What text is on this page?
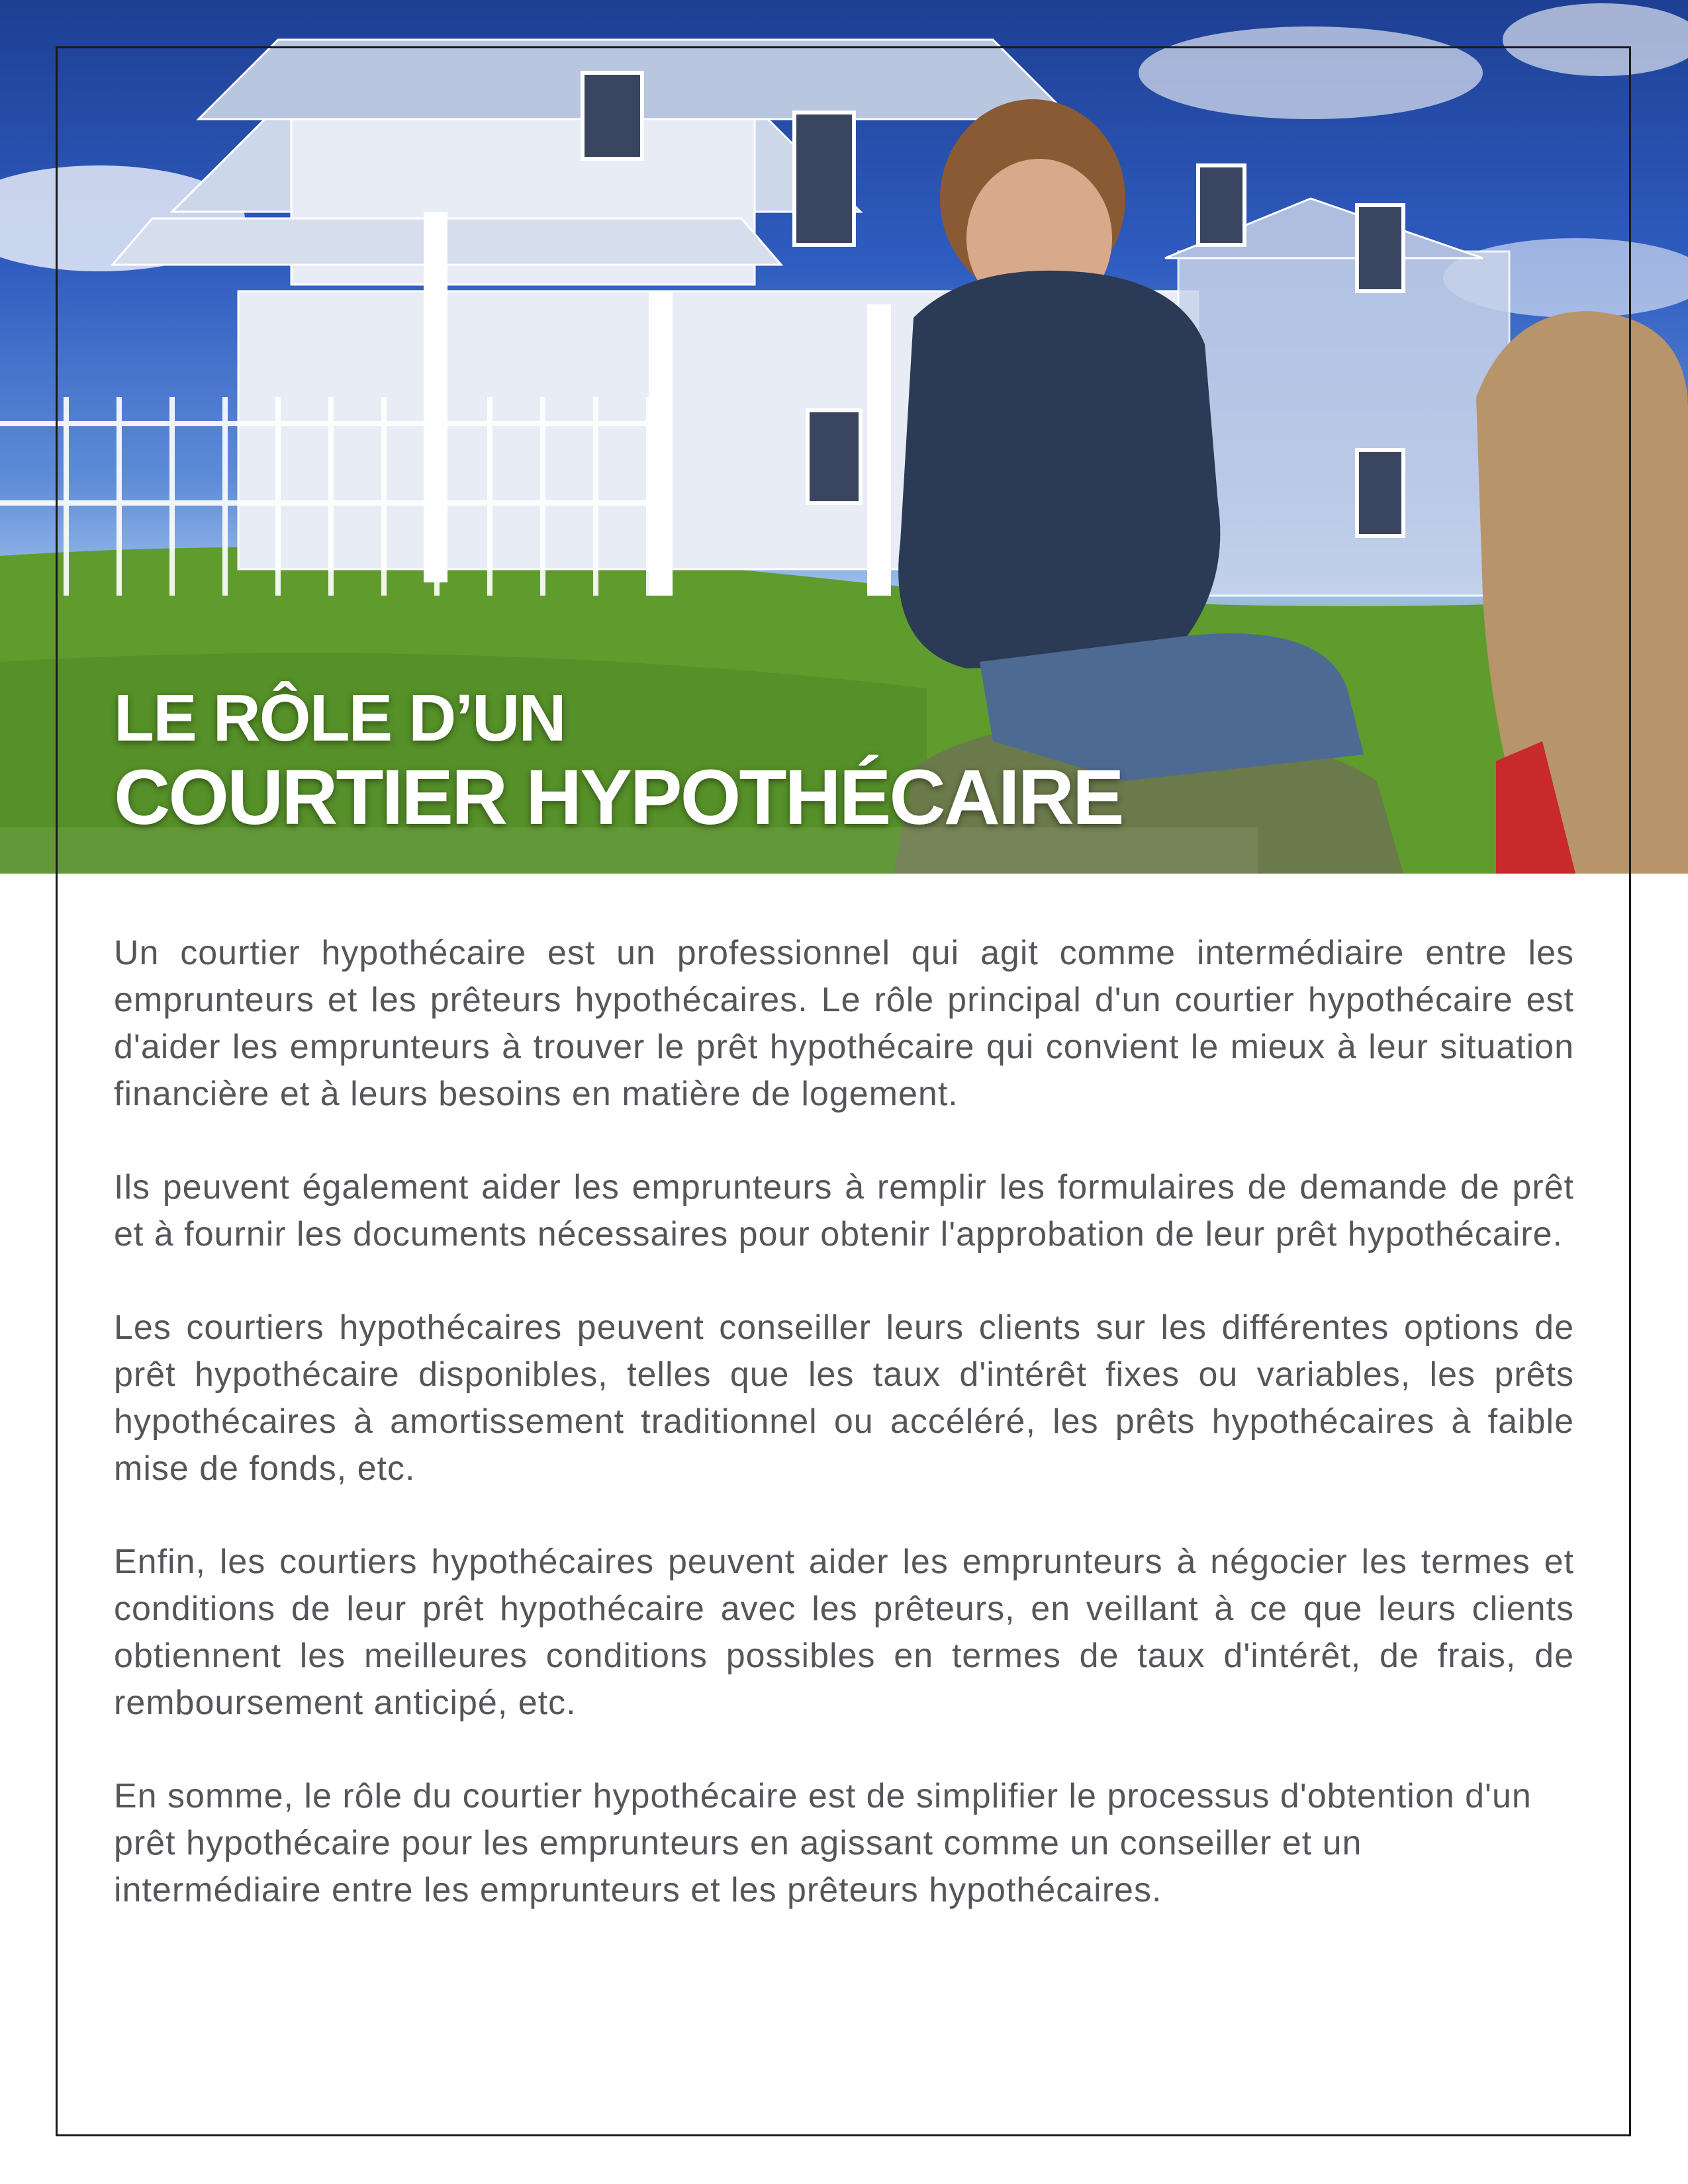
LE RÔLE D’UN

COURTIER HYPOTHÉCAIRE

Un courtier hypothécaire est un professionnel qui agit comme intermédiaire entre les emprunteurs et les prêteurs hypothécaires. Le rôle principal d'un courtier hypothécaire est d'aider les emprunteurs à trouver le prêt hypothécaire qui convient le mieux à leur situation financière et à leurs besoins en matière de logement.

Ils peuvent également aider les emprunteurs à remplir les formulaires de demande de prêt et à fournir les documents nécessaires pour obtenir l'approbation de leur prêt hypothécaire.

Les courtiers hypothécaires peuvent conseiller leurs clients sur les différentes options de prêt hypothécaire disponibles, telles que les taux d'intérêt fixes ou variables, les prêts hypothécaires à amortissement traditionnel ou accéléré, les prêts hypothécaires à faible mise de fonds, etc.

Enfin, les courtiers hypothécaires peuvent aider les emprunteurs à négocier les termes et conditions de leur prêt hypothécaire avec les prêteurs, en veillant à ce que leurs clients obtiennent les meilleures conditions possibles en termes de taux d'intérêt, de frais, de remboursement anticipé, etc.

En somme, le rôle du courtier hypothécaire est de simplifier le processus d'obtention d'un prêt hypothécaire pour les emprunteurs en agissant comme un conseiller et un intermédiaire entre les emprunteurs et les prêteurs hypothécaires.
